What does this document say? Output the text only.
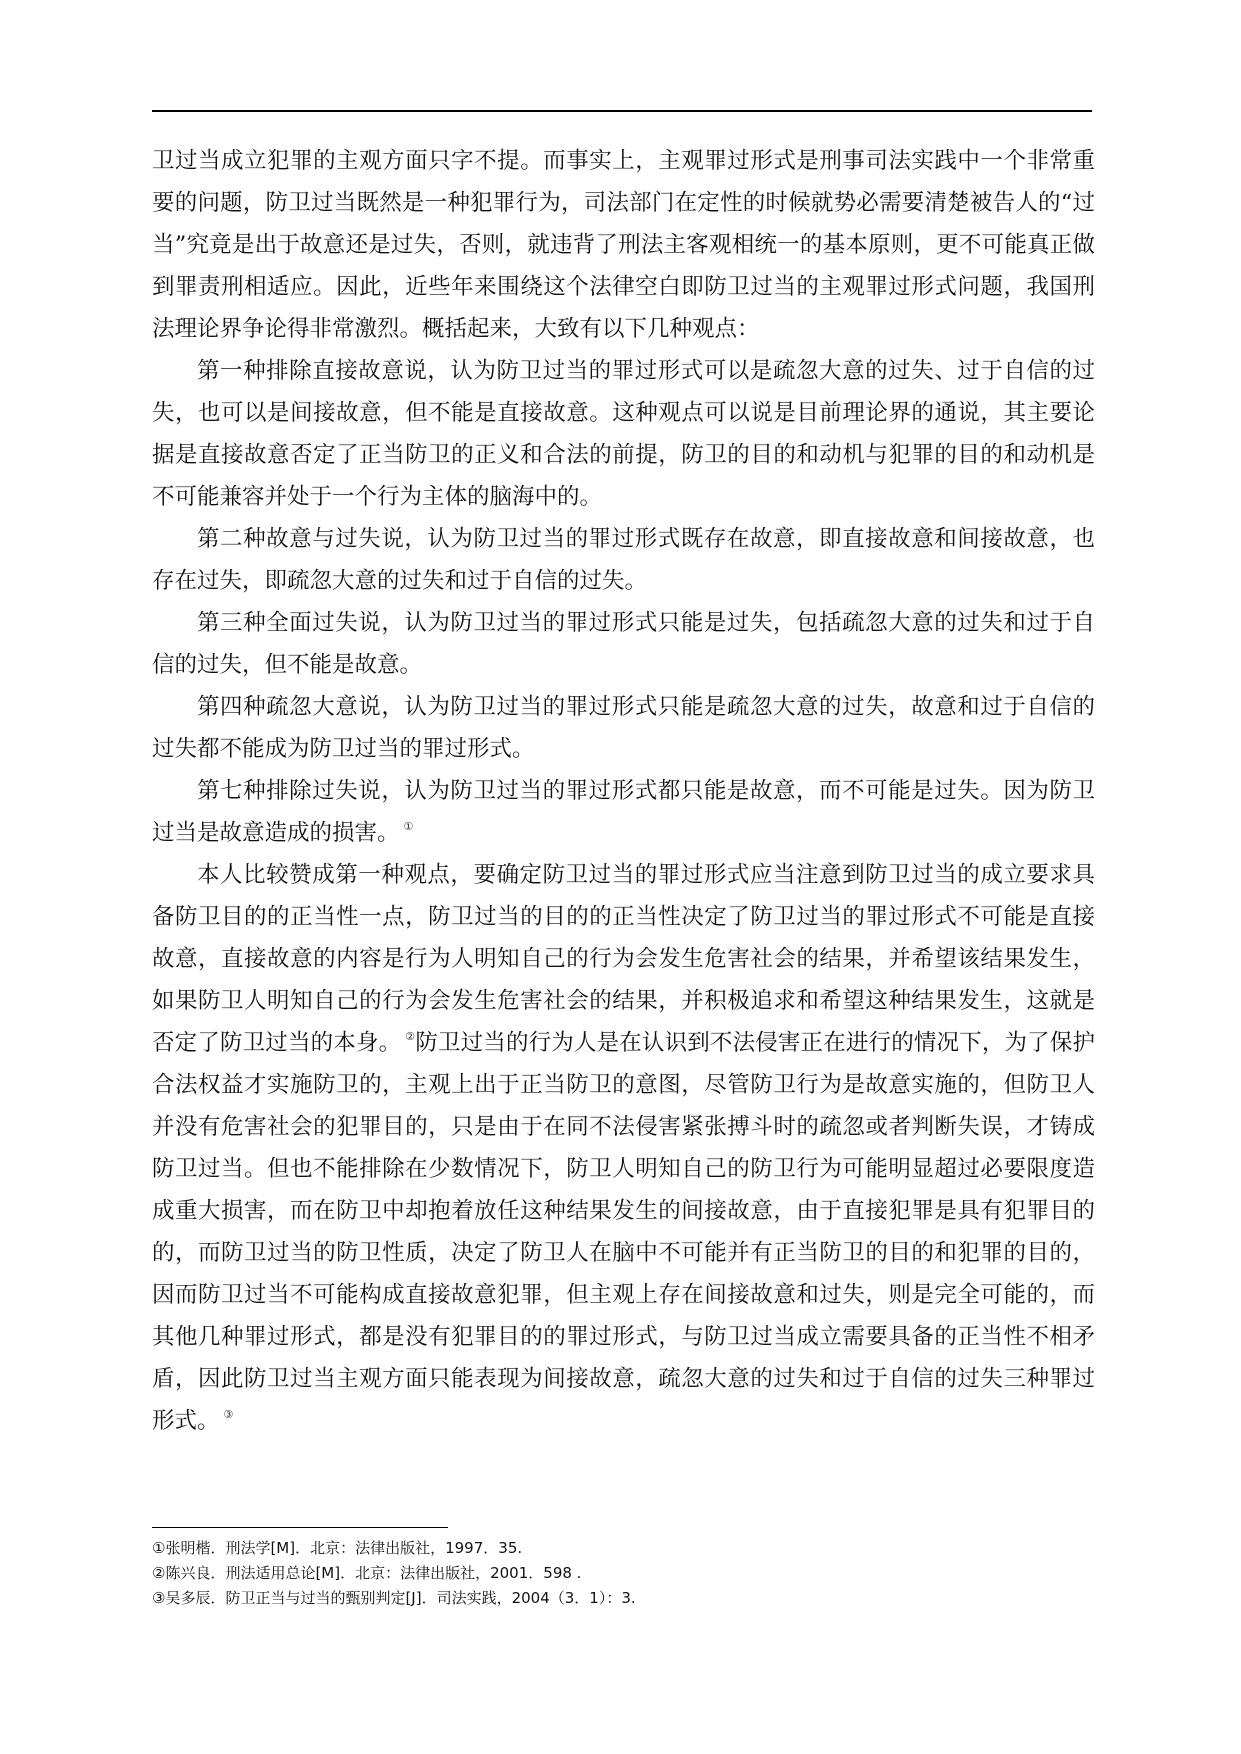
卫过当成立犯罪的主观方面只字不提。而事实上，主观罪过形式是刑事司法实践中一个非常重要的问题，防卫过当既然是一种犯罪行为，司法部门在定性的时候就势必需要清楚被告人的“过当”究竟是出于故意还是过失，否则，就违背了刑法主客观相统一的基本原则，更不可能真正做到罪责刑相适应。因此，近些年来围绕这个法律空白即防卫过当的主观罪过形式问题，我国刑法理论界争论得非常激烈。概括起来，大致有以下几种观点：

第一种排除直接故意说，认为防卫过当的罪过形式可以是疏忽大意的过失、过于自信的过失，也可以是间接故意，但不能是直接故意。这种观点可以说是目前理论界的通说，其主要论据是直接故意否定了正当防卫的正义和合法的前提，防卫的目的和动机与犯罪的目的和动机是不可能兼容并处于一个行为主体的脑海中的。

第二种故意与过失说，认为防卫过当的罪过形式既存在故意，即直接故意和间接故意，也存在过失，即疏忽大意的过失和过于自信的过失。

第三种全面过失说，认为防卫过当的罪过形式只能是过失，包括疏忽大意的过失和过于自信的过失，但不能是故意。

第四种疏忽大意说，认为防卫过当的罪过形式只能是疏忽大意的过失，故意和过于自信的过失都不能成为防卫过当的罪过形式。

第七种排除过失说，认为防卫过当的罪过形式都只能是故意，而不可能是过失。因为防卫过当是故意造成的损害。 ①

本人比较赞成第一种观点，要确定防卫过当的罪过形式应当注意到防卫过当的成立要求具备防卫目的的正当性一点，防卫过当的目的的正当性决定了防卫过当的罪过形式不可能是直接故意，直接故意的内容是行为人明知自己的行为会发生危害社会的结果，并希望该结果发生，如果防卫人明知自己的行为会发生危害社会的结果，并积极追求和希望这种结果发生，这就是否定了防卫过当的本身。 ②防卫过当的行为人是在认识到不法侵害正在进行的情况下，为了保护合法权益才实施防卫的，主观上出于正当防卫的意图，尽管防卫行为是故意实施的，但防卫人并没有危害社会的犯罪目的，只是由于在同不法侵害紧张搏斗时的疏忽或者判断失误，才铸成防卫过当。但也不能排除在少数情况下，防卫人明知自己的防卫行为可能明显超过必要限度造成重大损害，而在防卫中却抱着放任这种结果发生的间接故意，由于直接犯罪是具有犯罪目的的，而防卫过当的防卫性质，决定了防卫人在脑中不可能并有正当防卫的目的和犯罪的目的，因而防卫过当不可能构成直接故意犯罪，但主观上存在间接故意和过失，则是完全可能的，而其他几种罪过形式，都是没有犯罪目的的罪过形式，与防卫过当成立需要具备的正当性不相矛盾，因此防卫过当主观方面只能表现为间接故意，疏忽大意的过失和过于自信的过失三种罪过形式。 ③

①张明楷．刑法学[M]．北京：法律出版社，1997．35.

②陈兴良．刑法适用总论[M]．北京：法律出版社，2001．598 .

③吴多辰．防卫正当与过当的甄别判定[J]．司法实践，2004（3．1）：3.
